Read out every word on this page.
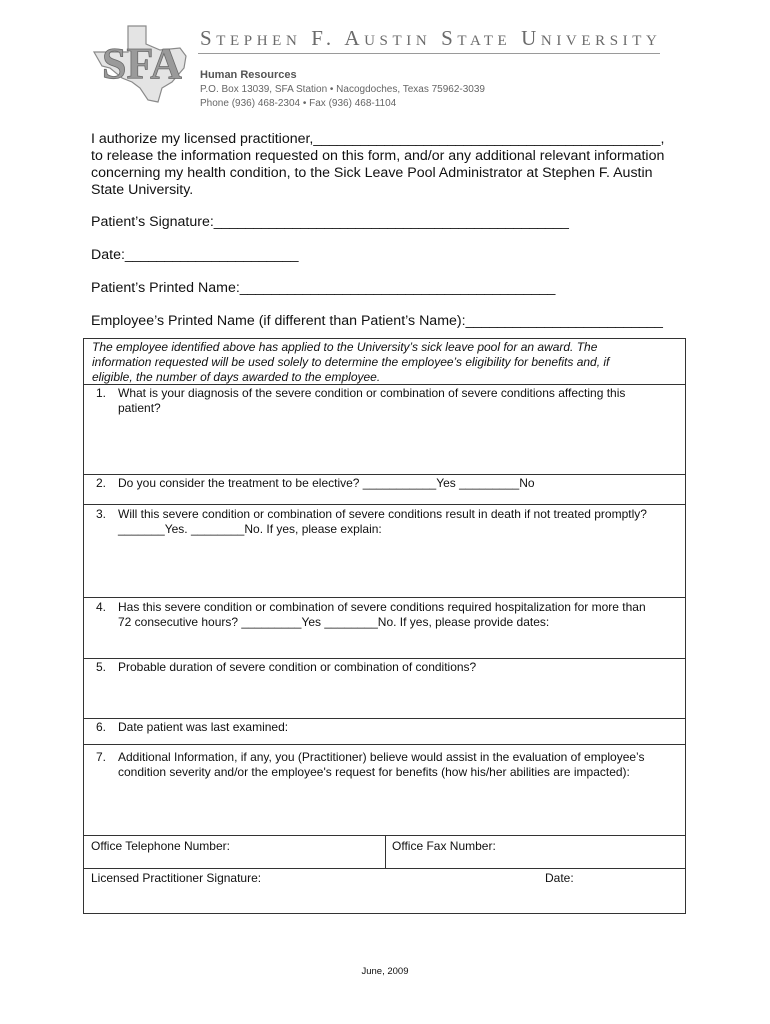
SFA
Stephen F. Austin State University
Human Resources
P.O. Box 13039, SFA Station • Nacogdoches, Texas 75962-3039
Phone (936) 468-2304 • Fax (936) 468-1104
I authorize my licensed practitioner,____________________________________________,
to release the information requested on this form, and/or any additional relevant information
concerning my health condition, to the Sick Leave Pool Administrator at Stephen F. Austin
State University.
Patient’s Signature:_____________________________________________
Date:______________________
Patient’s Printed Name:________________________________________
Employee’s Printed Name (if different than Patient’s Name):_________________________
The employee identified above has applied to the University’s sick leave pool for an award. The
information requested will be used solely to determine the employee’s eligibility for benefits and, if
eligible, the number of days awarded to the employee.
1. What is your diagnosis of the severe condition or combination of severe conditions affecting this
patient?
2. Do you consider the treatment to be elective? ___________Yes _________No
3. Will this severe condition or combination of severe conditions result in death if not treated promptly?
_______Yes. ________No. If yes, please explain:
4. Has this severe condition or combination of severe conditions required hospitalization for more than
72 consecutive hours? _________Yes ________No. If yes, please provide dates:
5. Probable duration of severe condition or combination of conditions?
6. Date patient was last examined:
7. Additional Information, if any, you (Practitioner) believe would assist in the evaluation of employee’s
condition severity and/or the employee's request for benefits (how his/her abilities are impacted):
Office Telephone Number:	Office Fax Number:
Licensed Practitioner Signature:	Date:
June, 2009
